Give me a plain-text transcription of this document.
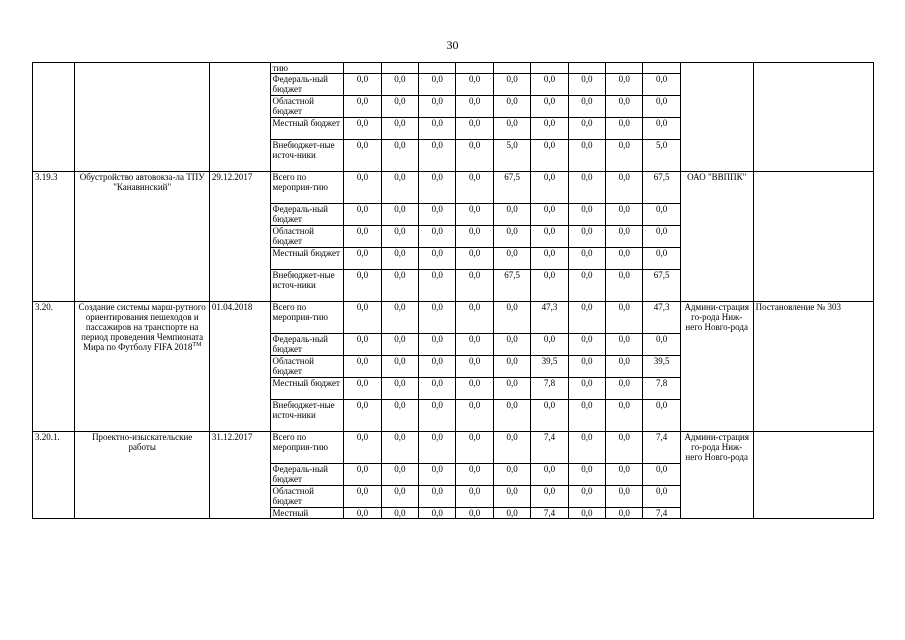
30
			тию											
			Федераль-ный бюджет	0,0	0,0	0,0	0,0	0,0	0,0	0,0	0,0	0,0		
			Областной бюджет	0,0	0,0	0,0	0,0	0,0	0,0	0,0	0,0	0,0		
			Местный бюджет	0,0	0,0	0,0	0,0	0,0	0,0	0,0	0,0	0,0		
			Внебюджет-ные источ-ники	0,0	0,0	0,0	0,0	5,0	0,0	0,0	0,0	5,0		
3.19.3	Обустройство автовокза-ла ТПУ "Канавинский"	29.12.2017	Всего по мероприя-тию	0,0	0,0	0,0	0,0	67,5	0,0	0,0	0,0	67,5	ОАО "ВВППК"	
			Федераль-ный бюджет	0,0	0,0	0,0	0,0	0,0	0,0	0,0	0,0	0,0		
			Областной бюджет	0,0	0,0	0,0	0,0	0,0	0,0	0,0	0,0	0,0		
			Местный бюджет	0,0	0,0	0,0	0,0	0,0	0,0	0,0	0,0	0,0		
			Внебюджет-ные источ-ники	0,0	0,0	0,0	0,0	67,5	0,0	0,0	0,0	67,5		
3.20.	Создание системы марш-рутного ориентирования пешеходов и пассажиров на транспорте на период проведения Чемпионата Мира по Футболу FIFA 2018™	01.04.2018	Всего по мероприя-тию	0,0	0,0	0,0	0,0	0,0	47,3	0,0	0,0	47,3	Админи-страция го-рода Ниж-него Новго-рода	Постановление № 303
			Федераль-ный бюджет	0,0	0,0	0,0	0,0	0,0	0,0	0,0	0,0	0,0		
			Областной бюджет	0,0	0,0	0,0	0,0	0,0	39,5	0,0	0,0	39,5		
			Местный бюджет	0,0	0,0	0,0	0,0	0,0	7,8	0,0	0,0	7,8		
			Внебюджет-ные источ-ники	0,0	0,0	0,0	0,0	0,0	0,0	0,0	0,0	0,0		
3.20.1.	Проектно-изыскательские работы	31.12.2017	Всего по мероприя-тию	0,0	0,0	0,0	0,0	0,0	7,4	0,0	0,0	7,4	Админи-страция го-рода Ниж-него Новго-рода	
			Федераль-ный бюджет	0,0	0,0	0,0	0,0	0,0	0,0	0,0	0,0	0,0		
			Областной бюджет	0,0	0,0	0,0	0,0	0,0	0,0	0,0	0,0	0,0		
			Местный	0,0	0,0	0,0	0,0	0,0	7,4	0,0	0,0	7,4		
